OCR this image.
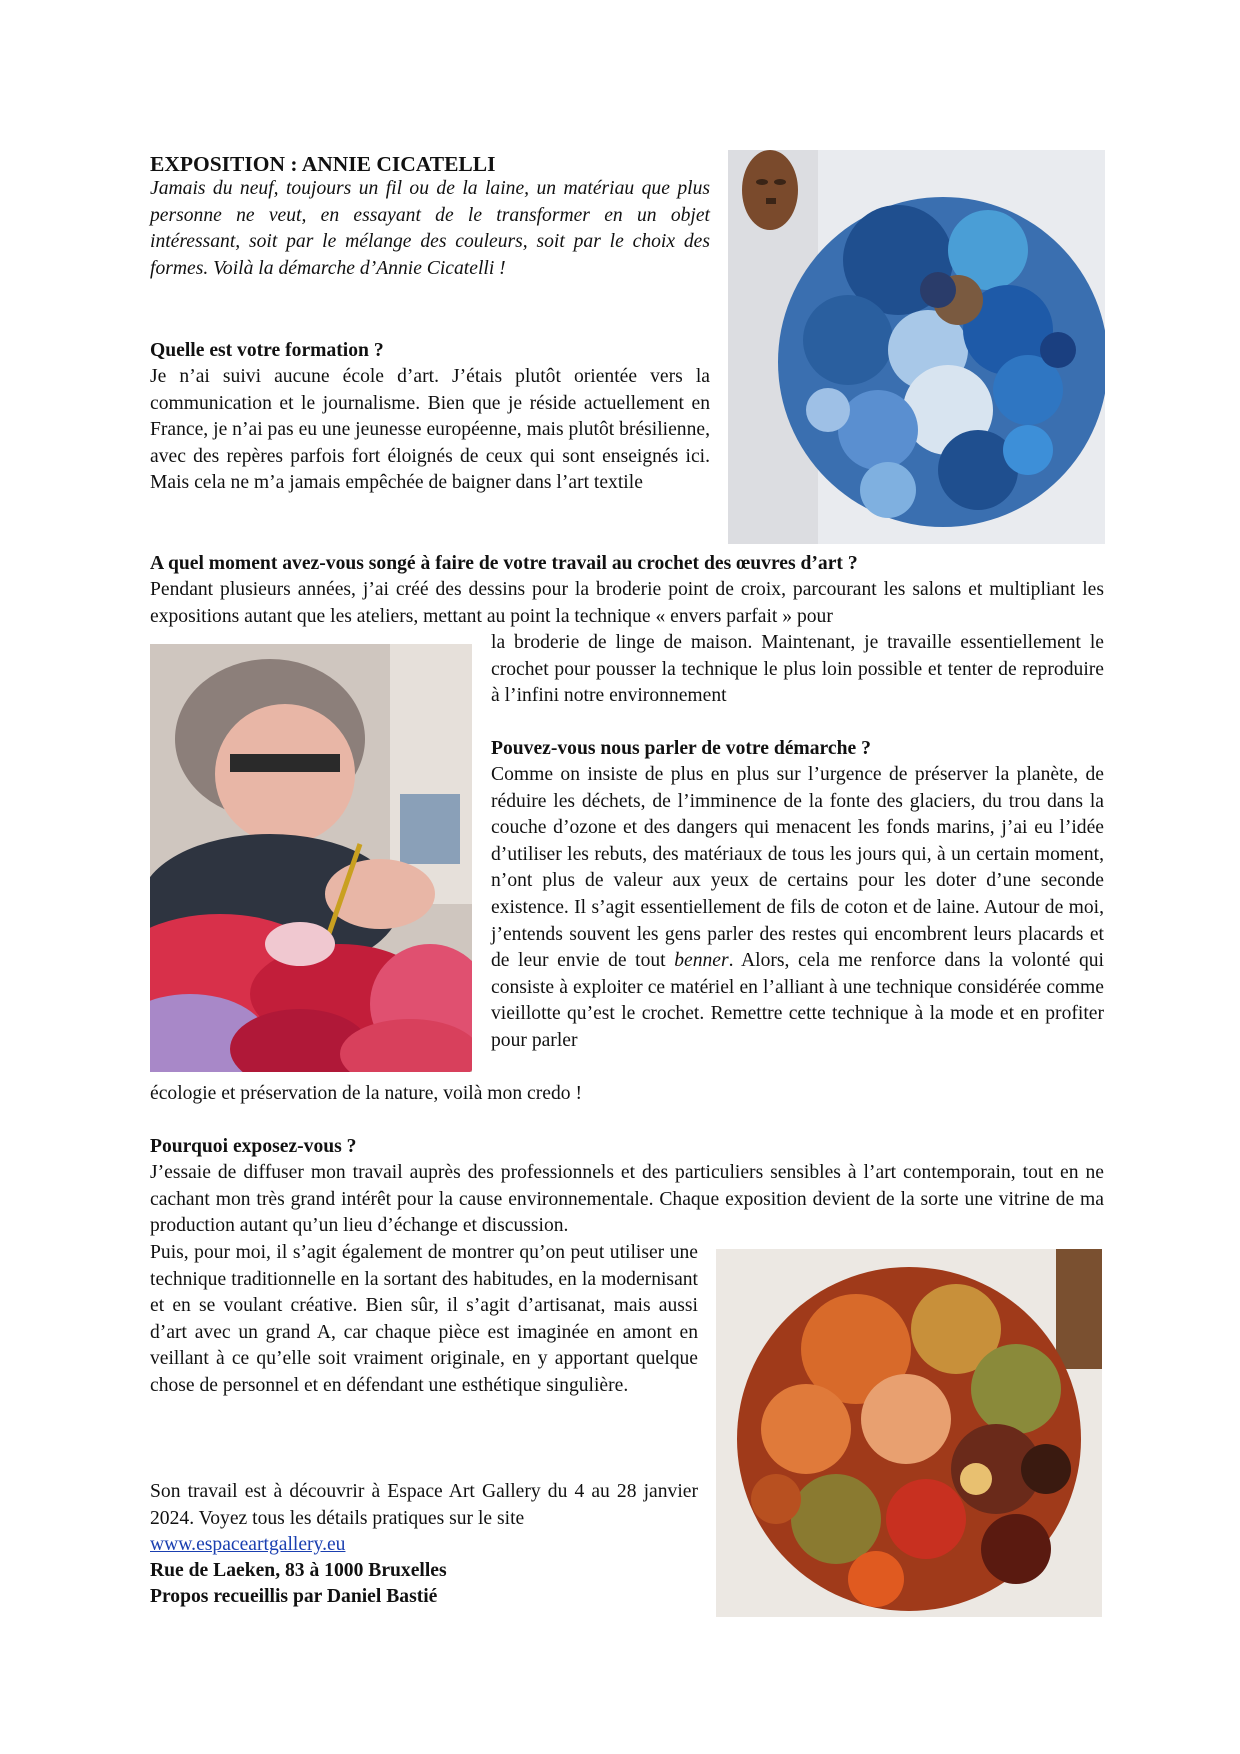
EXPOSITION : ANNIE CICATELLI

Jamais du neuf, toujours un fil ou de la laine, un matériau que plus personne ne veut, en essayant de le transformer en un objet intéressant, soit par le mélange des couleurs, soit par le choix des formes. Voilà la démarche d’Annie Cicatelli !

Quelle est votre formation ?

Je n’ai suivi aucune école d’art. J’étais plutôt orientée vers la communication et le journalisme. Bien que je réside actuellement en France, je n’ai pas eu une jeunesse européenne, mais plutôt brésilienne, avec des repères parfois fort éloignés de ceux qui sont enseignés ici. Mais cela ne m’a jamais empêchée de baigner dans l’art textile

A quel moment avez-vous songé à faire de votre travail au crochet des œuvres d’art ?

Pendant plusieurs années, j’ai créé des dessins pour la broderie point de croix, parcourant les salons et multipliant les expositions autant que les ateliers, mettant au point la technique « envers parfait » pour

la broderie de linge de maison. Maintenant, je travaille essentiellement le crochet pour pousser la technique le plus loin possible et tenter de reproduire à l’infini notre environnement

Pouvez-vous nous parler de votre démarche ?

Comme on insiste de plus en plus sur l’urgence de préserver la planète, de réduire les déchets, de l’imminence de la fonte des glaciers, du trou dans la couche d’ozone et des dangers qui menacent les fonds marins, j’ai eu l’idée d’utiliser les rebuts, des matériaux de tous les jours qui, à un certain moment, n’ont plus de valeur aux yeux de certains pour les doter d’une seconde existence. Il s’agit essentiellement de fils de coton et de laine. Autour de moi, j’entends souvent les gens parler des restes qui encombrent leurs placards et de leur envie de tout benner. Alors, cela me renforce dans la volonté qui consiste à exploiter ce matériel en l’alliant à une technique considérée comme vieillotte qu’est le crochet. Remettre cette technique à la mode et en profiter pour parler

écologie et préservation de la nature, voilà mon credo !

Pourquoi exposez-vous ?

J’essaie de diffuser mon travail auprès des professionnels et des particuliers sensibles à l’art contemporain, tout en ne cachant mon très grand intérêt pour la cause environnementale. Chaque exposition devient de la sorte une vitrine de ma production autant qu’un lieu d’échange et discussion.

Puis, pour moi, il s’agit également de montrer qu’on peut utiliser une technique traditionnelle en la sortant des habitudes, en la modernisant et en se voulant créative. Bien sûr, il s’agit d’artisanat, mais aussi d’art avec un grand A, car chaque pièce est imaginée en amont en veillant à ce qu’elle soit vraiment originale, en y apportant quelque chose de personnel et en défendant une esthétique singulière.

Son travail est à découvrir à Espace Art Gallery du 4 au 28 janvier 2024. Voyez tous les détails pratiques sur le site

www.espaceartgallery.eu
Rue de Laeken, 83 à 1000 Bruxelles
Propos recueillis par Daniel Bastié
